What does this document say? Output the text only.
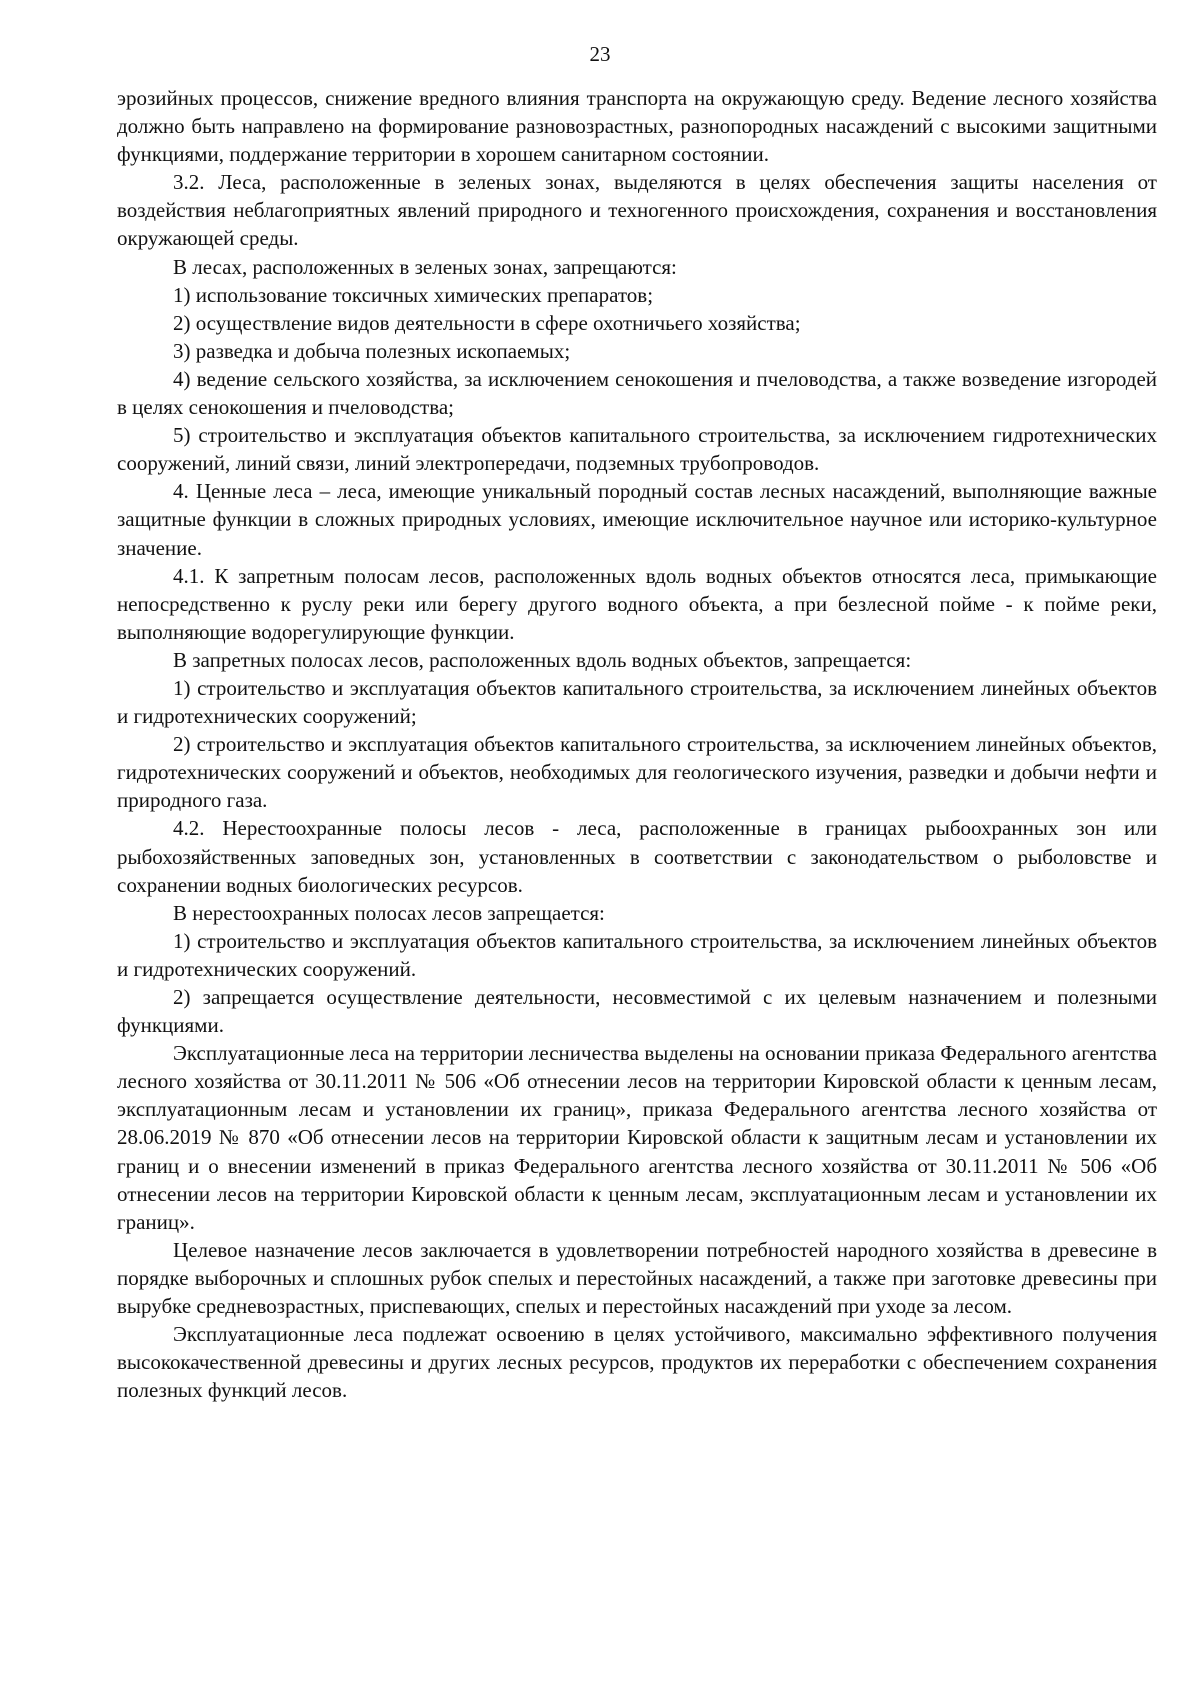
23

эрозийных процессов, снижение вредного влияния транспорта на окружающую среду. Ведение лесного хозяйства должно быть направлено на формирование разновозрастных, разнопородных насаждений с высокими защитными функциями, поддержание территории в хорошем санитарном состоянии.

3.2. Леса, расположенные в зеленых зонах, выделяются в целях обеспечения защиты населения от воздействия неблагоприятных явлений природного и техногенного происхождения, сохранения и восстановления окружающей среды.

В лесах, расположенных в зеленых зонах, запрещаются:

1) использование токсичных химических препаратов;

2) осуществление видов деятельности в сфере охотничьего хозяйства;

3) разведка и добыча полезных ископаемых;

4) ведение сельского хозяйства, за исключением сенокошения и пчеловодства, а также возведение изгородей в целях сенокошения и пчеловодства;

5) строительство и эксплуатация объектов капитального строительства, за исключением гидротехнических сооружений, линий связи, линий электропередачи, подземных трубопроводов.

4. Ценные леса – леса, имеющие уникальный породный состав лесных насаждений, выполняющие важные защитные функции в сложных природных условиях, имеющие исключительное научное или историко-культурное значение.

4.1. К запретным полосам лесов, расположенных вдоль водных объектов относятся леса, примыкающие непосредственно к руслу реки или берегу другого водного объекта, а при безлесной пойме - к пойме реки, выполняющие водорегулирующие функции.

В запретных полосах лесов, расположенных вдоль водных объектов, запрещается:

1) строительство и эксплуатация объектов капитального строительства, за исключением линейных объектов и гидротехнических сооружений;

2) строительство и эксплуатация объектов капитального строительства, за исключением линейных объектов, гидротехнических сооружений и объектов, необходимых для геологического изучения, разведки и добычи нефти и природного газа.

4.2. Нерестоохранные полосы лесов - леса, расположенные в границах рыбоохранных зон или рыбохозяйственных заповедных зон, установленных в соответствии с законодательством о рыболовстве и сохранении водных биологических ресурсов.

В нерестоохранных полосах лесов запрещается:

1) строительство и эксплуатация объектов капитального строительства, за исключением линейных объектов и гидротехнических сооружений.

2) запрещается осуществление деятельности, несовместимой с их целевым назначением и полезными функциями.

Эксплуатационные леса на территории лесничества выделены на основании приказа Федерального агентства лесного хозяйства от 30.11.2011 № 506 «Об отнесении лесов на территории Кировской области к ценным лесам, эксплуатационным лесам и установлении их границ», приказа Федерального агентства лесного хозяйства от 28.06.2019 № 870 «Об отнесении лесов на территории Кировской области к защитным лесам и установлении их границ и о внесении изменений в приказ Федерального агентства лесного хозяйства от 30.11.2011 № 506 «Об отнесении лесов на территории Кировской области к ценным лесам, эксплуатационным лесам и установлении их границ».

Целевое назначение лесов заключается в удовлетворении потребностей народного хозяйства в древесине в порядке выборочных и сплошных рубок спелых и перестойных насаждений, а также при заготовке древесины при вырубке средневозрастных, приспевающих, спелых и перестойных насаждений при уходе за лесом.

Эксплуатационные леса подлежат освоению в целях устойчивого, максимально эффективного получения высококачественной древесины и других лесных ресурсов, продуктов их переработки с обеспечением сохранения полезных функций лесов.
